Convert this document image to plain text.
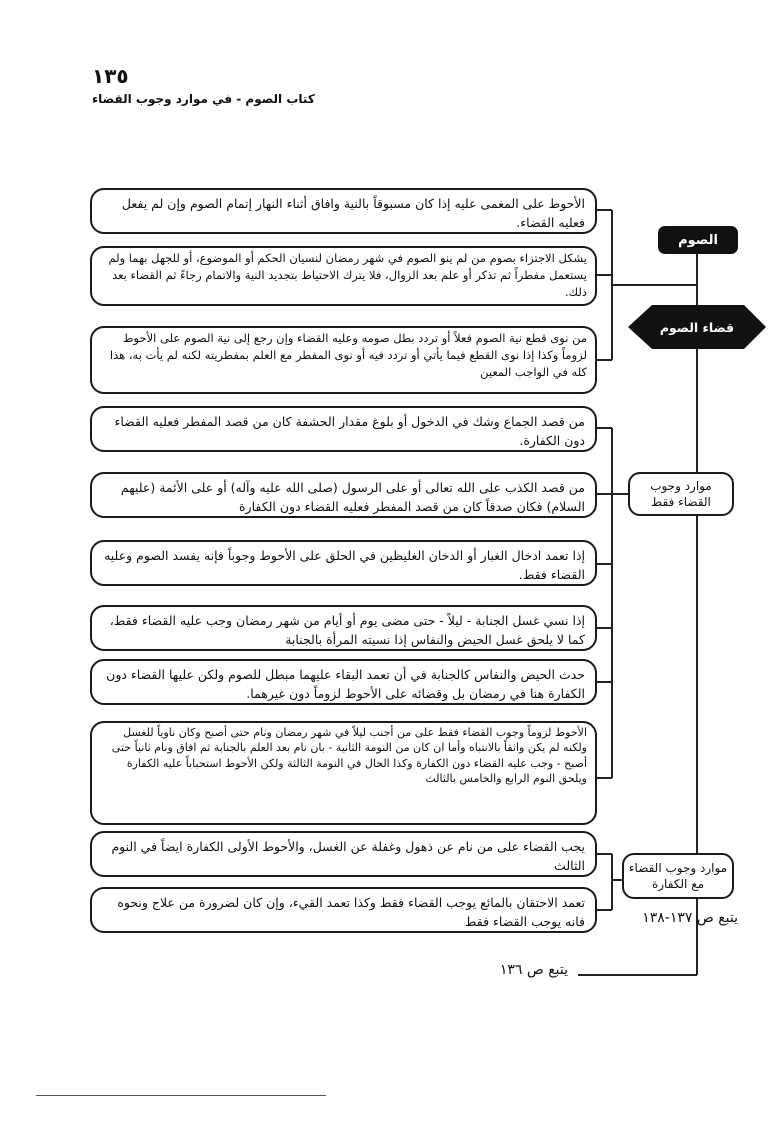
١٣٥
كتاب الصوم - في موارد وجوب القضاء
الصوم
قضاء الصوم
موارد وجوب القضاء فقط
موارد وجوب القضاء مع الكفارة
الأحوط على المغمى عليه إذا كان مسبوقاً بالنية وافاق أثناء النهار إتمام الصوم وإن لم يفعل فعليه القضاء.
يشكل الاجتزاء بصوم من لم ينو الصوم في شهر رمضان لنسيان الحكم أو الموضوع، أو للجهل بهما ولم يستعمل مفطراً ثم تذكر أو علم بعد الزوال، فلا يترك الاحتياط بتجديد النية والاتمام رجاءً ثم القضاء بعد ذلك.
من نوى قطع نية الصوم فعلاً أو تردد بطل صومه وعليه القضاء وإن رجع إلى نية الصوم على الأحوط لزوماً وكذا إذا نوى القطع فيما يأتي أو تردد فيه أو نوى المفطر مع العلم بمفطريته لكنه لم يأت به، هذا كله في الواجب المعين
من قصد الجماع وشك في الدخول أو بلوغ مقدار الحشفة كان من قصد المفطر فعليه القضاء دون الكفارة.
من قصد الكذب على الله تعالى أو على الرسول (صلى الله عليه وآله) أو على الأئمة (عليهم السلام) فكان صدقاً كان من قصد المفطر فعليه القضاء دون الكفارة
إذا تعمد ادخال الغبار أو الدخان الغليظين في الحلق على الأحوط وجوباً فإنه يفسد الصوم وعليه القضاء فقط.
إذا نسي غسل الجنابة - ليلاً - حتى مضى يوم أو أيام من شهر رمضان وجب عليه القضاء فقط، كما لا يلحق غسل الحيض والنفاس إذا نسيته المرأة بالجنابة
حدث الحيض والنفاس كالجنابة في أن تعمد البقاء عليهما مبطل للصوم ولكن عليها القضاء دون الكفارة هنا في رمضان بل وقضائه على الأحوط لزوماً دون غيرهما.
الأحوط لزوماً وجوب القضاء فقط على من أجنب ليلاً في شهر رمضان ونام حتى أصبح وكان ناوياً للغسل ولكنه لم يكن واثقاً بالانتباه وأما ان كان من النومة الثانية - بان نام بعد العلم بالجنابة ثم افاق ونام ثانياً حتى أصبح - وجب عليه القضاء دون الكفارة وكذا الحال في النومة الثالثة ولكن الأحوط استحباباً عليه الكفارة ويلحق النوم الرابع والخامس بالثالث
يجب القضاء على من نام عن ذهول وغفلة عن الغسل، والأحوط الأولى الكفارة ايضاً في النوم الثالث
تعمد الاحتقان بالمائع يوجب القضاء فقط وكذا تعمد القيء، وإن كان لضرورة من علاج ونحوه فانه يوجب القضاء فقط	يتبع ص ١٣٧-١٣٨
يتبع ص ١٣٦
